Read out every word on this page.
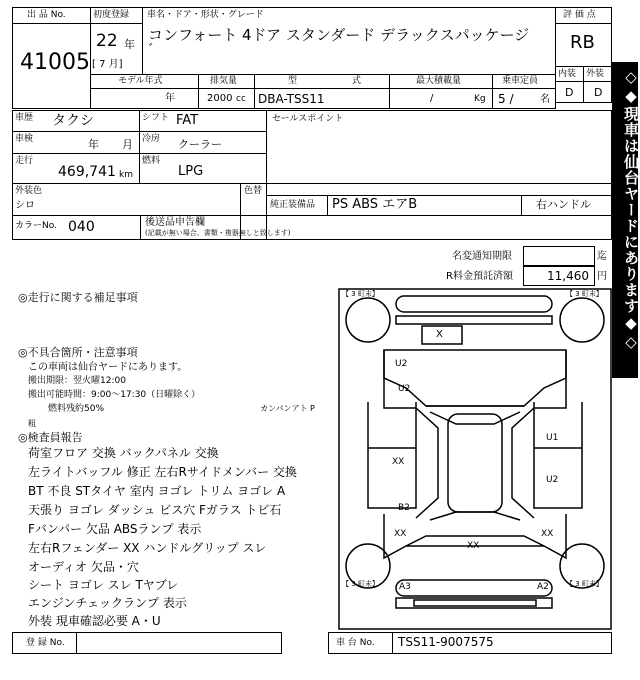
出 品 No.
41005
初度登録
22 年
[ 7 月]
車名・ドア・形状・グレード
コンフォート 4ドア スタンダード デラックスパッケージ
゛
評 価 点
RB
内装 外装
D D
モデル年式
年
排気量
2000 cc
型	式
DBA-TSS11
最大積載量
/	Kg
乗車定員
5 /	名
車歴 タクシ	シフト FAT	セールスポイント
車検	年 月 冷房 クーラー
走行
469,741 km
燃料
LPG
外装色
シロ
色替
純正装備品 PS ABS エアB	右ハンドル
カラーNo. 040	後送品申告欄
(記載が無い場合、書類・複器無しと致します)
名変通知期限	迄
R料金預託済額	11,460 円
◎走行に関する補足事項
◎不具合箇所・注意事項
この車両は仙台ヤードにあります。
搬出期限：翌火曜12:00
搬出可能時間：9:00～17:30（日曜除く）
燃料残約50%	カンパンアト P
粗
◎検査員報告
荷室フロア 交換 バックパネル 交換
左ライトバッフル 修正 左右Rサイドメンバー 交換
BT 不良 STタイヤ 室内 ヨゴレ トリム ヨゴレ A
天張り ヨゴレ ダッシュ ビス穴 Fガラス トビ石
Fバンパー 欠品 ABSランプ 表示
左右Rフェンダー XX ハンドルグリップ スレ
オーディオ 欠品・穴
シート ヨゴレ スレ Tヤブレ
エンジンチェックランプ 表示
外装 現車確認必要 A・U
【 3 町未】	【 3 町未】
【 3 町未】	【 3 町未】
X
U2
U2
U1
XX
U2
B2
XX	XX
XX
A3	A2
登 録 No.	車 台 No. TSS11-9007575
◇◆現車は仙台ヤードにあります◆◇
